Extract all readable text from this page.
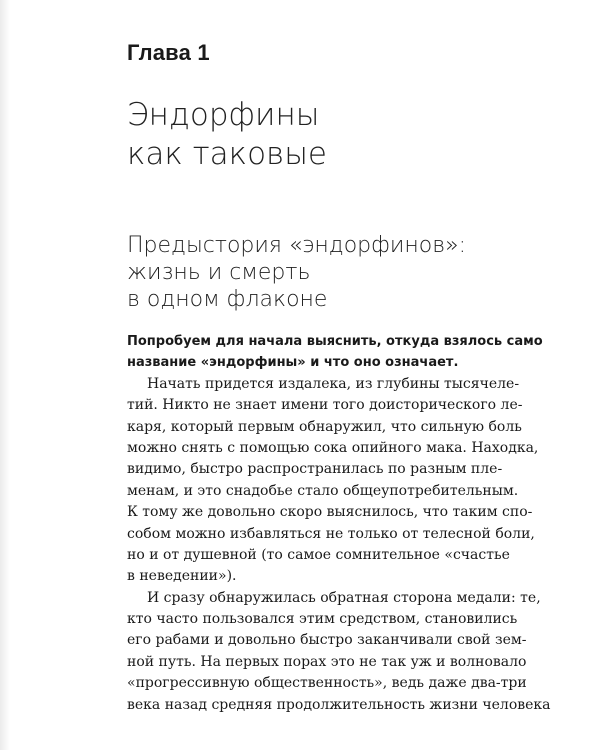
Глава 1
Эндорфины
как таковые
Предыстория «эндорфинов»:
жизнь и смерть
в одном флаконе
Попробуем для начала выяснить, откуда взялось само
название «эндорфины» и что оно означает.
Начать придется издалека, из глубины тысячеле-
тий. Никто не знает имени того доисторического ле-
каря, который первым обнаружил, что сильную боль
можно снять с помощью сока опийного мака. Находка,
видимо, быстро распространилась по разным пле-
менам, и это снадобье стало общеупотребительным.
К тому же довольно скоро выяснилось, что таким спо-
собом можно избавляться не только от телесной боли,
но и от душевной (то самое сомнительное «счастье
в неведении»).
И сразу обнаружилась обратная сторона медали: те,
кто часто пользовался этим средством, становились
его рабами и довольно быстро заканчивали свой зем-
ной путь. На первых порах это не так уж и волновало
«прогрессивную общественность», ведь даже два-три
века назад средняя продолжительность жизни человека
